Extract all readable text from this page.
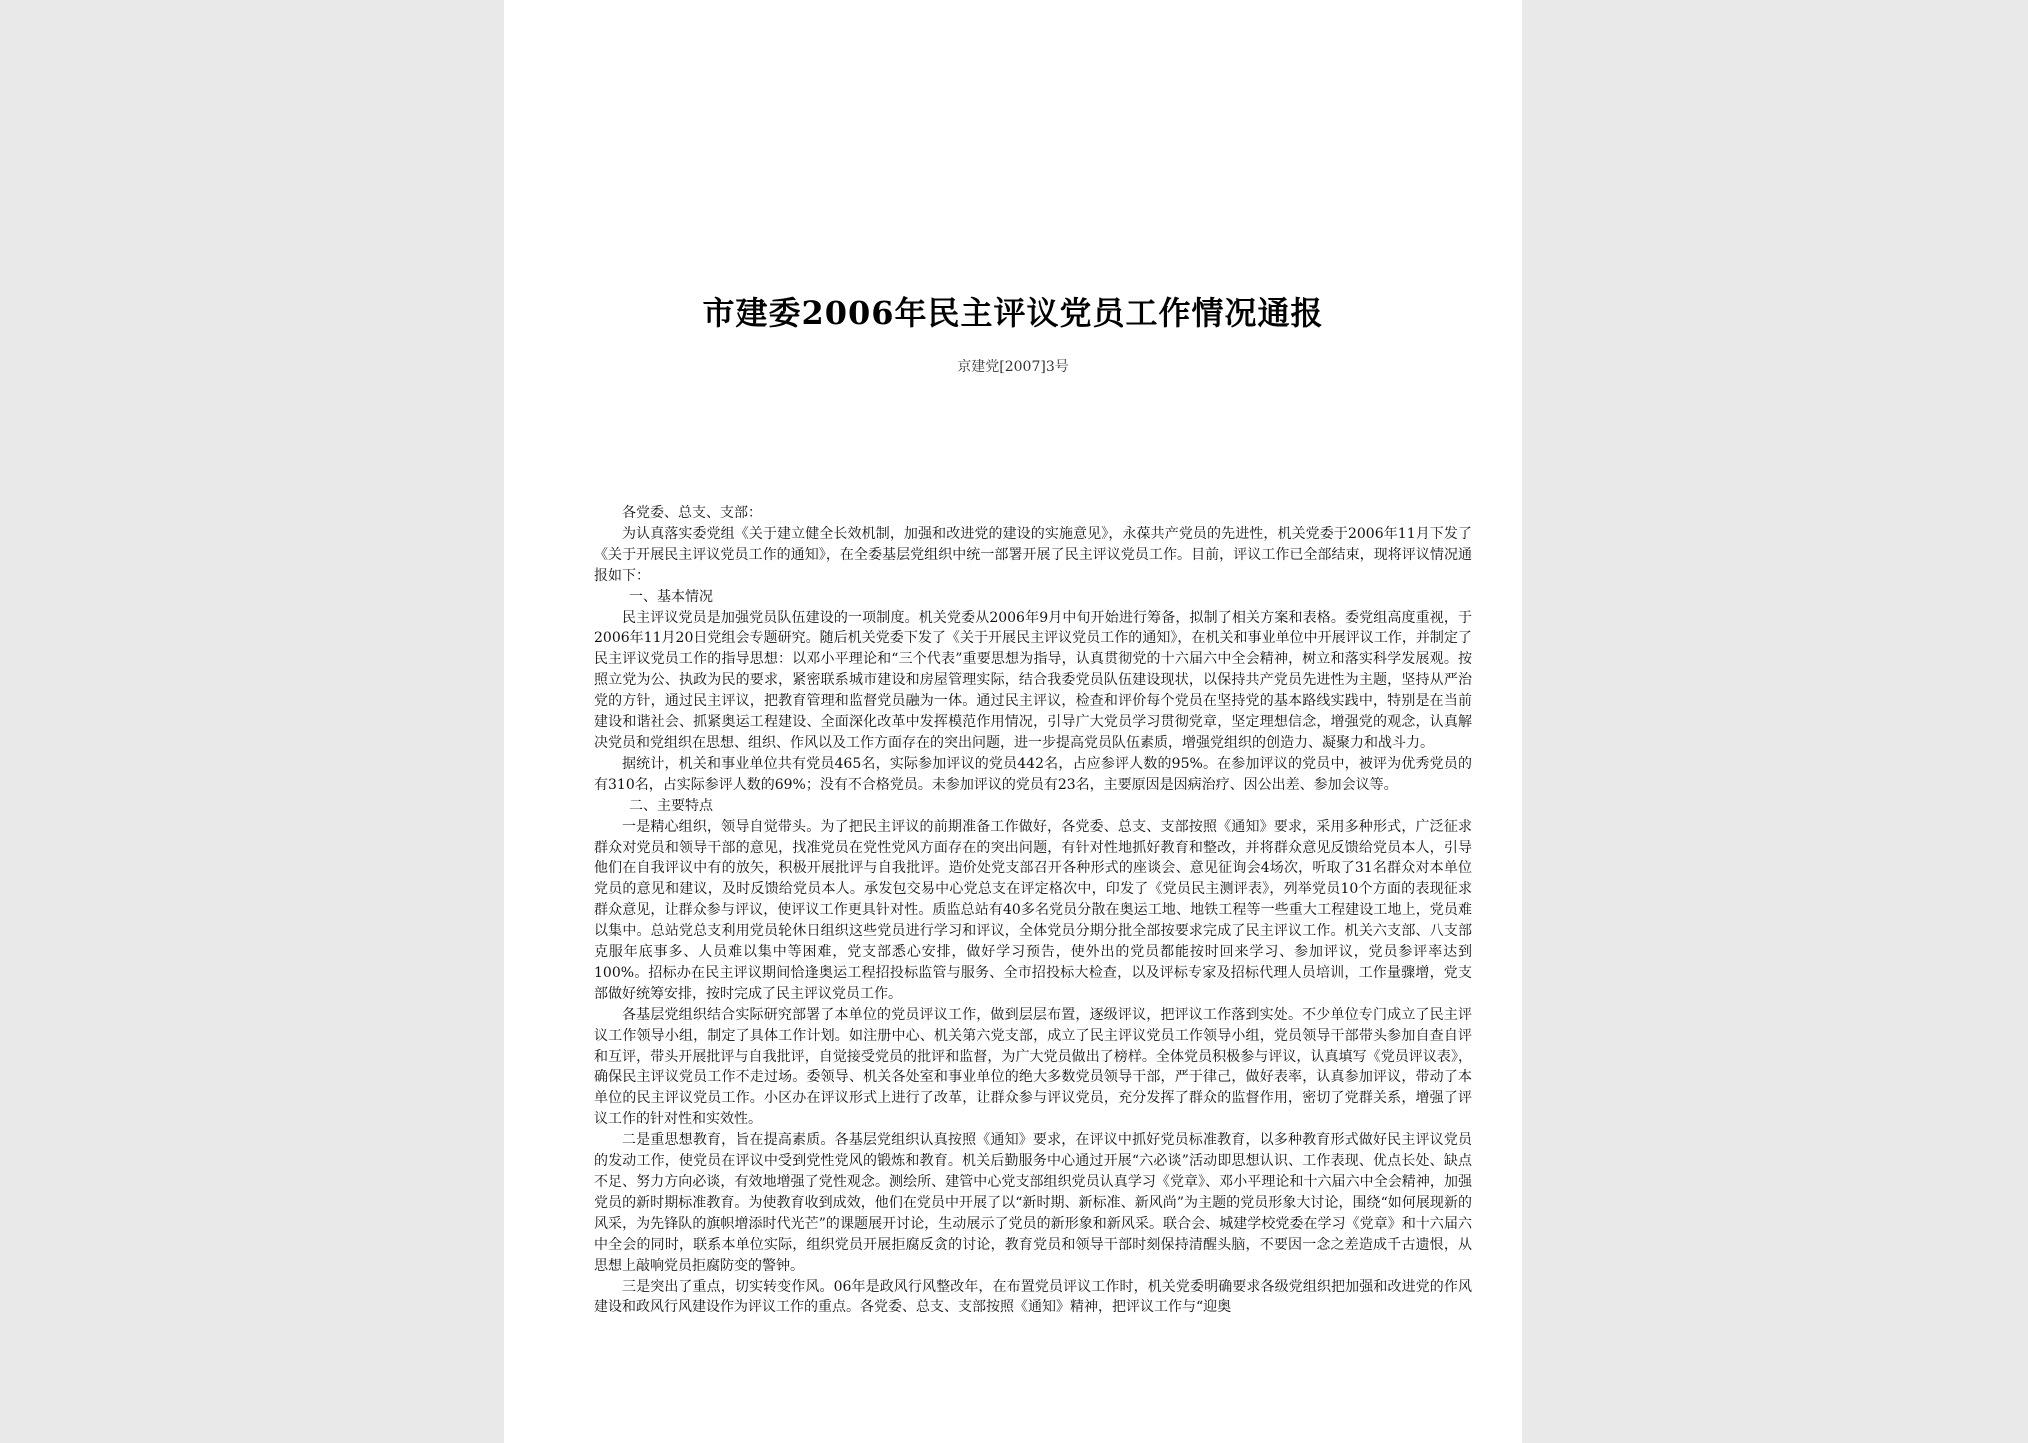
市建委2006年民主评议党员工作情况通报
京建党[2007]3号

各党委、总支、支部：

为认真落实委党组《关于建立健全长效机制，加强和改进党的建设的实施意见》，永葆共产党员的先进性，机关党委于2006年11月下发了《关于开展民主评议党员工作的通知》，在全委基层党组织中统一部署开展了民主评议党员工作。目前，评议工作已全部结束，现将评议情况通报如下：

一、基本情况

民主评议党员是加强党员队伍建设的一项制度。机关党委从2006年9月中旬开始进行筹备，拟制了相关方案和表格。委党组高度重视，于2006年11月20日党组会专题研究。随后机关党委下发了《关于开展民主评议党员工作的通知》，在机关和事业单位中开展评议工作，并制定了民主评议党员工作的指导思想：以邓小平理论和“三个代表”重要思想为指导，认真贯彻党的十六届六中全会精神，树立和落实科学发展观。按照立党为公、执政为民的要求，紧密联系城市建设和房屋管理实际，结合我委党员队伍建设现状，以保持共产党员先进性为主题，坚持从严治党的方针，通过民主评议，把教育管理和监督党员融为一体。通过民主评议，检查和评价每个党员在坚持党的基本路线实践中，特别是在当前建设和谐社会、抓紧奥运工程建设、全面深化改革中发挥模范作用情况，引导广大党员学习贯彻党章，坚定理想信念，增强党的观念，认真解决党员和党组织在思想、组织、作风以及工作方面存在的突出问题，进一步提高党员队伍素质，增强党组织的创造力、凝聚力和战斗力。

据统计，机关和事业单位共有党员465名，实际参加评议的党员442名，占应参评人数的95%。在参加评议的党员中，被评为优秀党员的有310名，占实际参评人数的69%；没有不合格党员。未参加评议的党员有23名，主要原因是因病治疗、因公出差、参加会议等。

二、主要特点

一是精心组织，领导自觉带头。为了把民主评议的前期准备工作做好，各党委、总支、支部按照《通知》要求，采用多种形式，广泛征求群众对党员和领导干部的意见，找准党员在党性党风方面存在的突出问题，有针对性地抓好教育和整改，并将群众意见反馈给党员本人，引导他们在自我评议中有的放矢，积极开展批评与自我批评。造价处党支部召开各种形式的座谈会、意见征询会4场次，听取了31名群众对本单位党员的意见和建议，及时反馈给党员本人。承发包交易中心党总支在评定格次中，印发了《党员民主测评表》，列举党员10个方面的表现征求群众意见，让群众参与评议，使评议工作更具针对性。质监总站有40多名党员分散在奥运工地、地铁工程等一些重大工程建设工地上，党员难以集中。总站党总支利用党员轮休日组织这些党员进行学习和评议，全体党员分期分批全部按要求完成了民主评议工作。机关六支部、八支部克服年底事多、人员难以集中等困难，党支部悉心安排，做好学习预告，使外出的党员都能按时回来学习、参加评议，党员参评率达到100%。招标办在民主评议期间恰逢奥运工程招投标监管与服务、全市招投标大检查，以及评标专家及招标代理人员培训，工作量骤增，党支部做好统筹安排，按时完成了民主评议党员工作。

各基层党组织结合实际研究部署了本单位的党员评议工作，做到层层布置，逐级评议，把评议工作落到实处。不少单位专门成立了民主评议工作领导小组，制定了具体工作计划。如注册中心、机关第六党支部，成立了民主评议党员工作领导小组，党员领导干部带头参加自查自评和互评，带头开展批评与自我批评，自觉接受党员的批评和监督，为广大党员做出了榜样。全体党员积极参与评议，认真填写《党员评议表》，确保民主评议党员工作不走过场。委领导、机关各处室和事业单位的绝大多数党员领导干部，严于律己，做好表率，认真参加评议，带动了本单位的民主评议党员工作。小区办在评议形式上进行了改革，让群众参与评议党员，充分发挥了群众的监督作用，密切了党群关系，增强了评议工作的针对性和实效性。

二是重思想教育，旨在提高素质。各基层党组织认真按照《通知》要求，在评议中抓好党员标准教育，以多种教育形式做好民主评议党员的发动工作，使党员在评议中受到党性党风的锻炼和教育。机关后勤服务中心通过开展“六必谈”活动即思想认识、工作表现、优点长处、缺点不足、努力方向必谈，有效地增强了党性观念。测绘所、建管中心党支部组织党员认真学习《党章》、邓小平理论和十六届六中全会精神，加强党员的新时期标准教育。为使教育收到成效，他们在党员中开展了以“新时期、新标准、新风尚”为主题的党员形象大讨论，围绕“如何展现新的风采，为先锋队的旗帜增添时代光芒”的课题展开讨论，生动展示了党员的新形象和新风采。联合会、城建学校党委在学习《党章》和十六届六中全会的同时，联系本单位实际，组织党员开展拒腐反贪的讨论，教育党员和领导干部时刻保持清醒头脑，不要因一念之差造成千古遗恨，从思想上敲响党员拒腐防变的警钟。

三是突出了重点，切实转变作风。06年是政风行风整改年，在布置党员评议工作时，机关党委明确要求各级党组织把加强和改进党的作风建设和政风行风建设作为评议工作的重点。各党委、总支、支部按照《通知》精神，把评议工作与“迎奥
